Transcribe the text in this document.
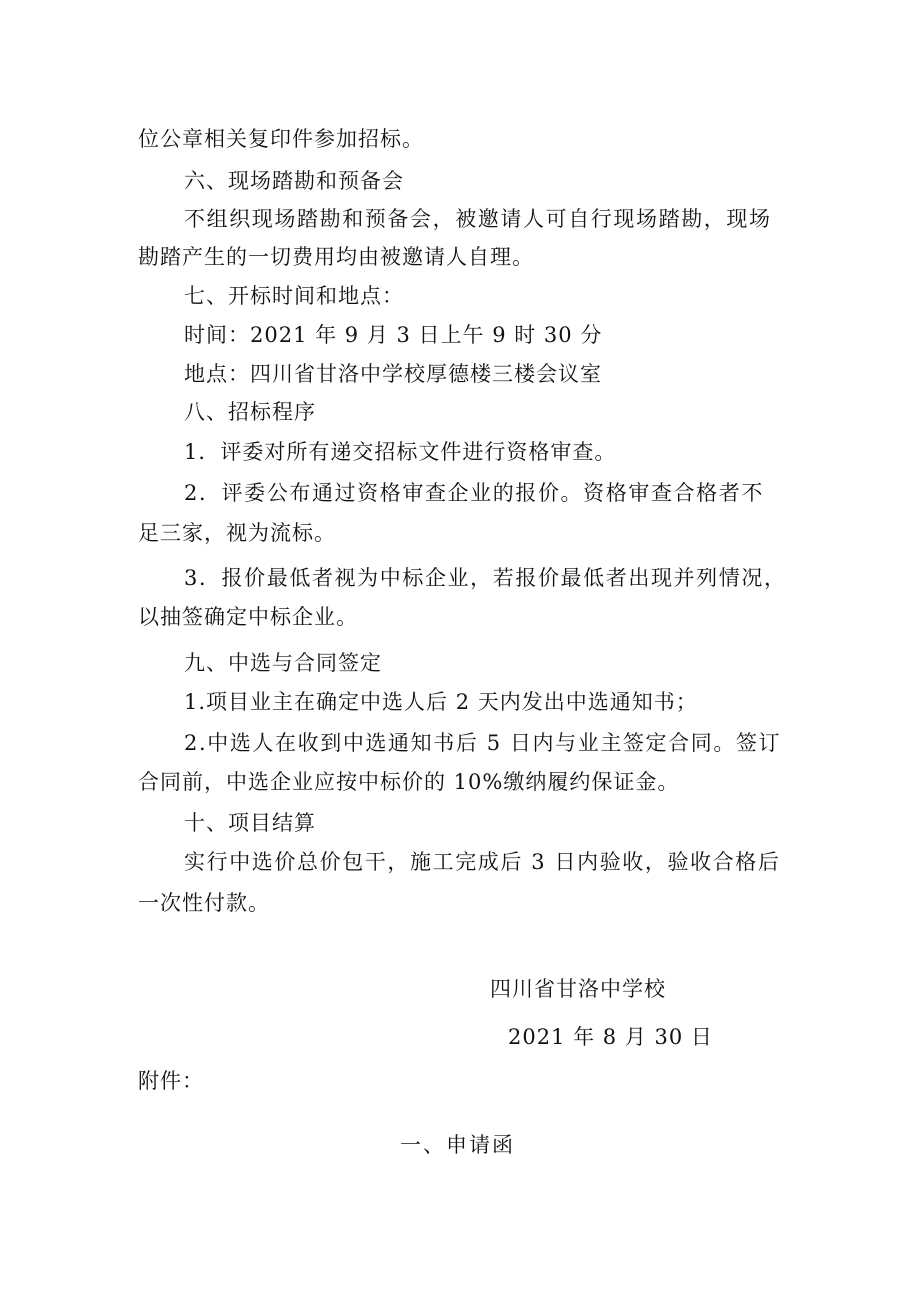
位公章相关复印件参加招标。
六、现场踏勘和预备会
不组织现场踏勘和预备会，被邀请人可自行现场踏勘，现场
勘踏产生的一切费用均由被邀请人自理。
七、开标时间和地点：
时间：2021 年 9 月 3 日上午 9 时 30 分
地点：四川省甘洛中学校厚德楼三楼会议室
八、招标程序
1．评委对所有递交招标文件进行资格审查。
2．评委公布通过资格审查企业的报价。资格审查合格者不
足三家，视为流标。
3．报价最低者视为中标企业，若报价最低者出现并列情况，
以抽签确定中标企业。
九、中选与合同签定
1.项目业主在确定中选人后 2 天内发出中选通知书；
2.中选人在收到中选通知书后 5 日内与业主签定合同。签订
合同前，中选企业应按中标价的 10%缴纳履约保证金。
十、项目结算
实行中选价总价包干，施工完成后 3 日内验收，验收合格后
一次性付款。
四川省甘洛中学校
2021 年 8 月 30 日
附件：
一、申请函
